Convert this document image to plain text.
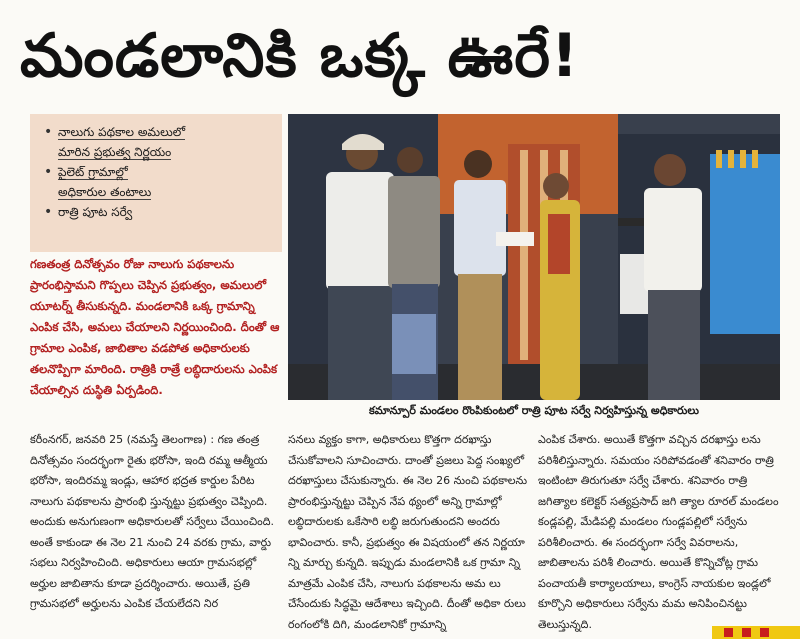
మండలానికి ఒక్క ఊరే!
• నాలుగు పథకాల అమలులో
మారిన ప్రభుత్వ నిర్ణయం
• పైలెట్ గ్రామాల్లో
అధికారుల తంటాలు
• రాత్రి పూట సర్వే
కమాన్పూర్ మండలం రొంపికుంటలో రాత్రి పూట సర్వే నిర్వహిస్తున్న అధికారులు
గణతంత్ర దినోత్సవం రోజు నాలుగు పథకాలను ప్రారంభిస్తామని గొప్పలు చెప్పిన ప్రభుత్వం, అమలులో యూటర్న్ తీసుకున్నది. మండలానికి ఒక్క గ్రామాన్ని ఎంపిక చేసి, అమలు చేయాలని నిర్ణయించింది. దీంతో ఆ గ్రామాల ఎంపిక, జాబితాల వడపోత అధికారులకు తలనొప్పిగా మారింది. రాత్రికి రాత్రే లబ్ధిదారులను ఎంపిక చేయాల్సిన దుస్థితి ఏర్పడింది.
కరీంనగర్, జనవరి 25 (నమస్తే తెలంగాణ) : గణ తంత్ర దినోత్సవం సందర్భంగా రైతు భరోసా, ఇంది రమ్మ ఆత్మీయ భరోసా, ఇందిరమ్మ ఇండ్లు, ఆహార భద్రత కార్డుల పేరిట నాలుగు పథకాలను ప్రారంభి స్తున్నట్టు ప్రభుత్వం చెప్పింది. అందుకు అనుగుణంగా అధికారులతో సర్వేలు చేయించింది. అంతే కాకుండా ఈ నెల 21 నుంచి 24 వరకు గ్రామ, వార్డు సభలు నిర్వహించింది. అధికారులు ఆయా గ్రామసభల్లో అర్హుల జాబితాను కూడా ప్రదర్శించారు. అయితే, ప్రతి గ్రామసభలో అర్హులను ఎంపిక చేయలేదని నిర
సనలు వ్యక్తం కాగా, అధికారులు కొత్తగా దరఖాస్తు చేసుకోవాలని సూచించారు. దాంతో ప్రజలు పెద్ద సంఖ్యలో దరఖాస్తులు చేసుకున్నారు. ఈ నెల 26 నుంచి పథకాలను ప్రారంభిస్తున్నట్టు చెప్పిన నేప థ్యంలో అన్ని గ్రామాల్లో లబ్ధిదారులకు ఒకేసారి లబ్ధి జరుగుతుందని అందరు భావించారు. కానీ, ప్రభుత్వం ఈ విషయంలో తన నిర్ణయా న్ని మార్చు కున్నది. ఇప్పుడు మండలానికి ఒక గ్రామా న్ని మాత్రమే ఎంపిక చేసి, నాలుగు పథకాలను అమ లు చేసేందుకు సిద్ధమై ఆదేశాలు ఇచ్చింది. దీంతో అధికా రులు రంగంలోకి దిగి, మండలానికో గ్రామాన్ని
ఎంపిక చేశారు. అయితే కొత్తగా వచ్చిన దరఖాస్తు లను పరిశీలిస్తున్నారు. సమయం సరిపోవడంతో శనివారం రాత్రి ఇంటింటా తిరుగుతూ సర్వే చేశారు. శనివారం రాత్రి జగిత్యాల కలెక్టర్ సత్యప్రసాద్ జగి త్యాల రూరల్ మండలం కండ్లపల్లి, మేడిపల్లి మండలం గుండ్లపల్లిలో సర్వేను పరిశీలించారు. ఈ సందర్భంగా సర్వే వివరాలను, జాబితాలను పరిశీ లించారు. అయితే కొన్నిచోట్ల గ్రామ పంచాయతీ కార్యాలయాలు, కాంగ్రెస్ నాయకుల ఇండ్లలో కూర్చొని అధికారులు సర్వేను మమ అనిపించినట్టు తెలుస్తున్నది.
